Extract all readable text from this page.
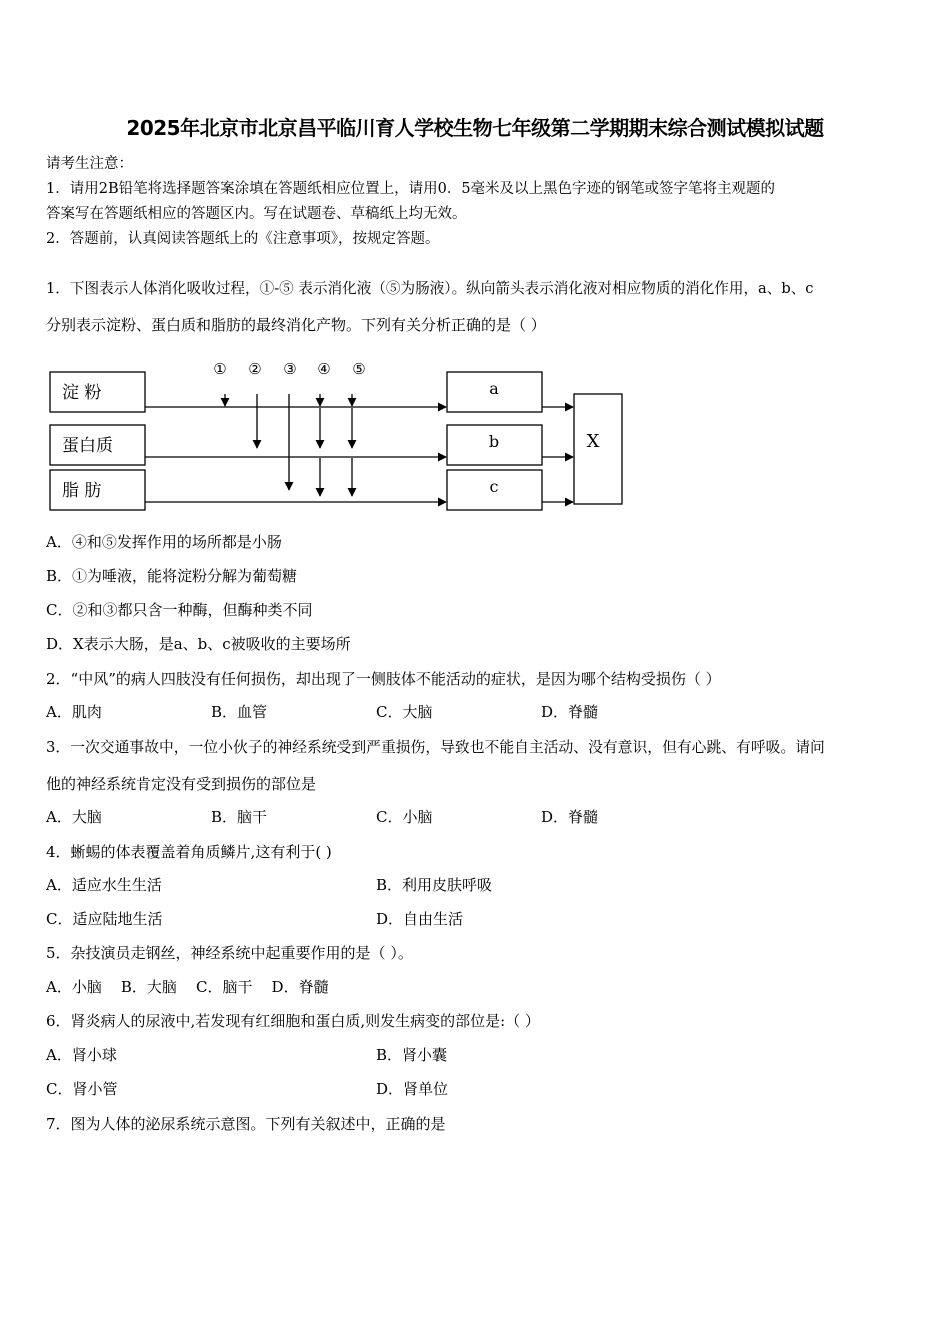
2025年北京市北京昌平临川育人学校生物七年级第二学期期末综合测试模拟试题
请考生注意：
1．请用2B铅笔将选择题答案涂填在答题纸相应位置上，请用0．5毫米及以上黑色字迹的钢笔或签字笔将主观题的
答案写在答题纸相应的答题区内。写在试题卷、草稿纸上均无效。
2．答题前，认真阅读答题纸上的《注意事项》，按规定答题。
1．下图表示人体消化吸收过程，①-⑤ 表示消化液（⑤为肠液）。纵向箭头表示消化液对相应物质的消化作用，a、b、c
分别表示淀粉、蛋白质和脂肪的最终消化产物。下列有关分析正确的是（ ）
淀 粉
蛋白质
脂 肪
① ② ③ ④ ⑤
a
b
c
X
A．④和⑤发挥作用的场所都是小肠
B．①为唾液，能将淀粉分解为葡萄糖
C．②和③都只含一种酶，但酶种类不同
D．X表示大肠，是a、b、c被吸收的主要场所
2．“中风”的病人四肢没有任何损伤，却出现了一侧肢体不能活动的症状，是因为哪个结构受损伤（ ）
A．肌肉	B．血管	C．大脑	D．脊髓
3．一次交通事故中，一位小伙子的神经系统受到严重损伤，导致也不能自主活动、没有意识，但有心跳、有呼吸。请问
他的神经系统肯定没有受到损伤的部位是
A．大脑	B．脑干	C．小脑	D．脊髓
4．蜥蜴的体表覆盖着角质鳞片,这有利于( )
A．适应水生生活	B．利用皮肤呼吸
C．适应陆地生活	D．自由生活
5．杂技演员走钢丝，神经系统中起重要作用的是（ ）。
A．小脑    B．大脑    C．脑干    D．脊髓
6．肾炎病人的尿液中,若发现有红细胞和蛋白质,则发生病变的部位是:（ ）
A．肾小球	B．肾小囊
C．肾小管	D．肾单位
7．图为人体的泌尿系统示意图。下列有关叙述中，正确的是
